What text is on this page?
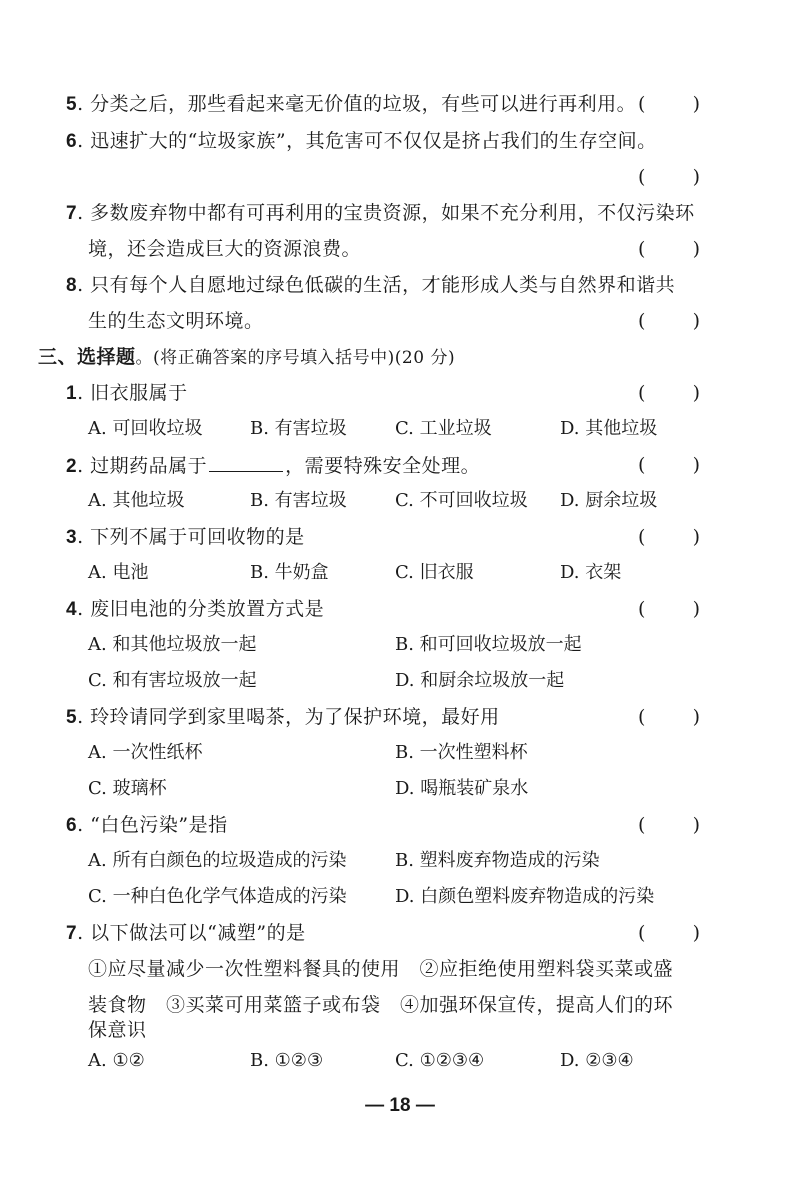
5. 分类之后，那些看起来毫无价值的垃圾，有些可以进行再利用。 ( )
6. 迅速扩大的“垃圾家族”，其危害可不仅仅是挤占我们的生存空间。
( )
7. 多数废弃物中都有可再利用的宝贵资源，如果不充分利用，不仅污染环
境，还会造成巨大的资源浪费。	( )
8. 只有每个人自愿地过绿色低碳的生活，才能形成人类与自然界和谐共
生的生态文明环境。	( )
三、选择题。(将正确答案的序号填入括号中)(20 分)
1. 旧衣服属于	( )
A. 可回收垃圾	B. 有害垃圾	C. 工业垃圾	D. 其他垃圾
2. 过期药品属于	，需要特殊安全处理。	( )
A. 其他垃圾	B. 有害垃圾	C. 不可回收垃圾 D. 厨余垃圾
3. 下列不属于可回收物的是	( )
A. 电池	B. 牛奶盒	C. 旧衣服	D. 衣架
4. 废旧电池的分类放置方式是	( )
A. 和其他垃圾放一起	B. 和可回收垃圾放一起
C. 和有害垃圾放一起	D. 和厨余垃圾放一起
5. 玲玲请同学到家里喝茶，为了保护环境，最好用	( )
A. 一次性纸杯	B. 一次性塑料杯
C. 玻璃杯	D. 喝瓶装矿泉水
6. “白色污染”是指	( )
A. 所有白颜色的垃圾造成的污染	B. 塑料废弃物造成的污染
C. 一种白色化学气体造成的污染	D. 白颜色塑料废弃物造成的污染
7. 以下做法可以“减塑”的是	( )
①应尽量减少一次性塑料餐具的使用　②应拒绝使用塑料袋买菜或盛
装食物　③买菜可用菜篮子或布袋　④加强环保宣传，提高人们的环
保意识
A. ①②	B. ①②③	C. ①②③④	D. ②③④
— 18 —
